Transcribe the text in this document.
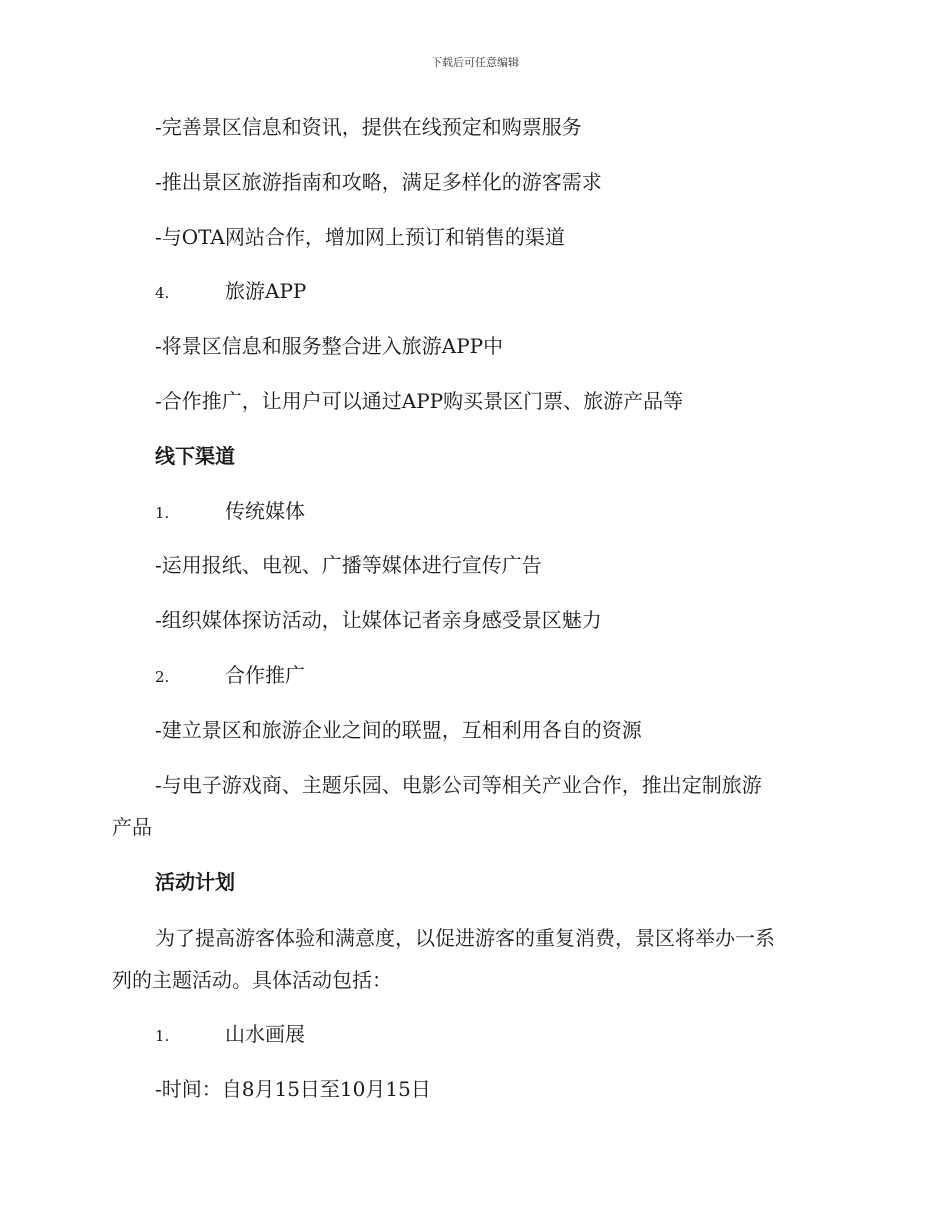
下载后可任意编辑
-完善景区信息和资讯，提供在线预定和购票服务
-推出景区旅游指南和攻略，满足多样化的游客需求
-与OTA网站合作，增加网上预订和销售的渠道
4.	旅游APP
-将景区信息和服务整合进入旅游APP中
-合作推广，让用户可以通过APP购买景区门票、旅游产品等
线下渠道
1.	传统媒体
-运用报纸、电视、广播等媒体进行宣传广告
-组织媒体探访活动，让媒体记者亲身感受景区魅力
2.	合作推广
-建立景区和旅游企业之间的联盟，互相利用各自的资源
-与电子游戏商、主题乐园、电影公司等相关产业合作，推出定制旅游
产品
活动计划
为了提高游客体验和满意度，以促进游客的重复消费，景区将举办一系
列的主题活动。具体活动包括：
1.	山水画展
-时间：自8月15日至10月15日
